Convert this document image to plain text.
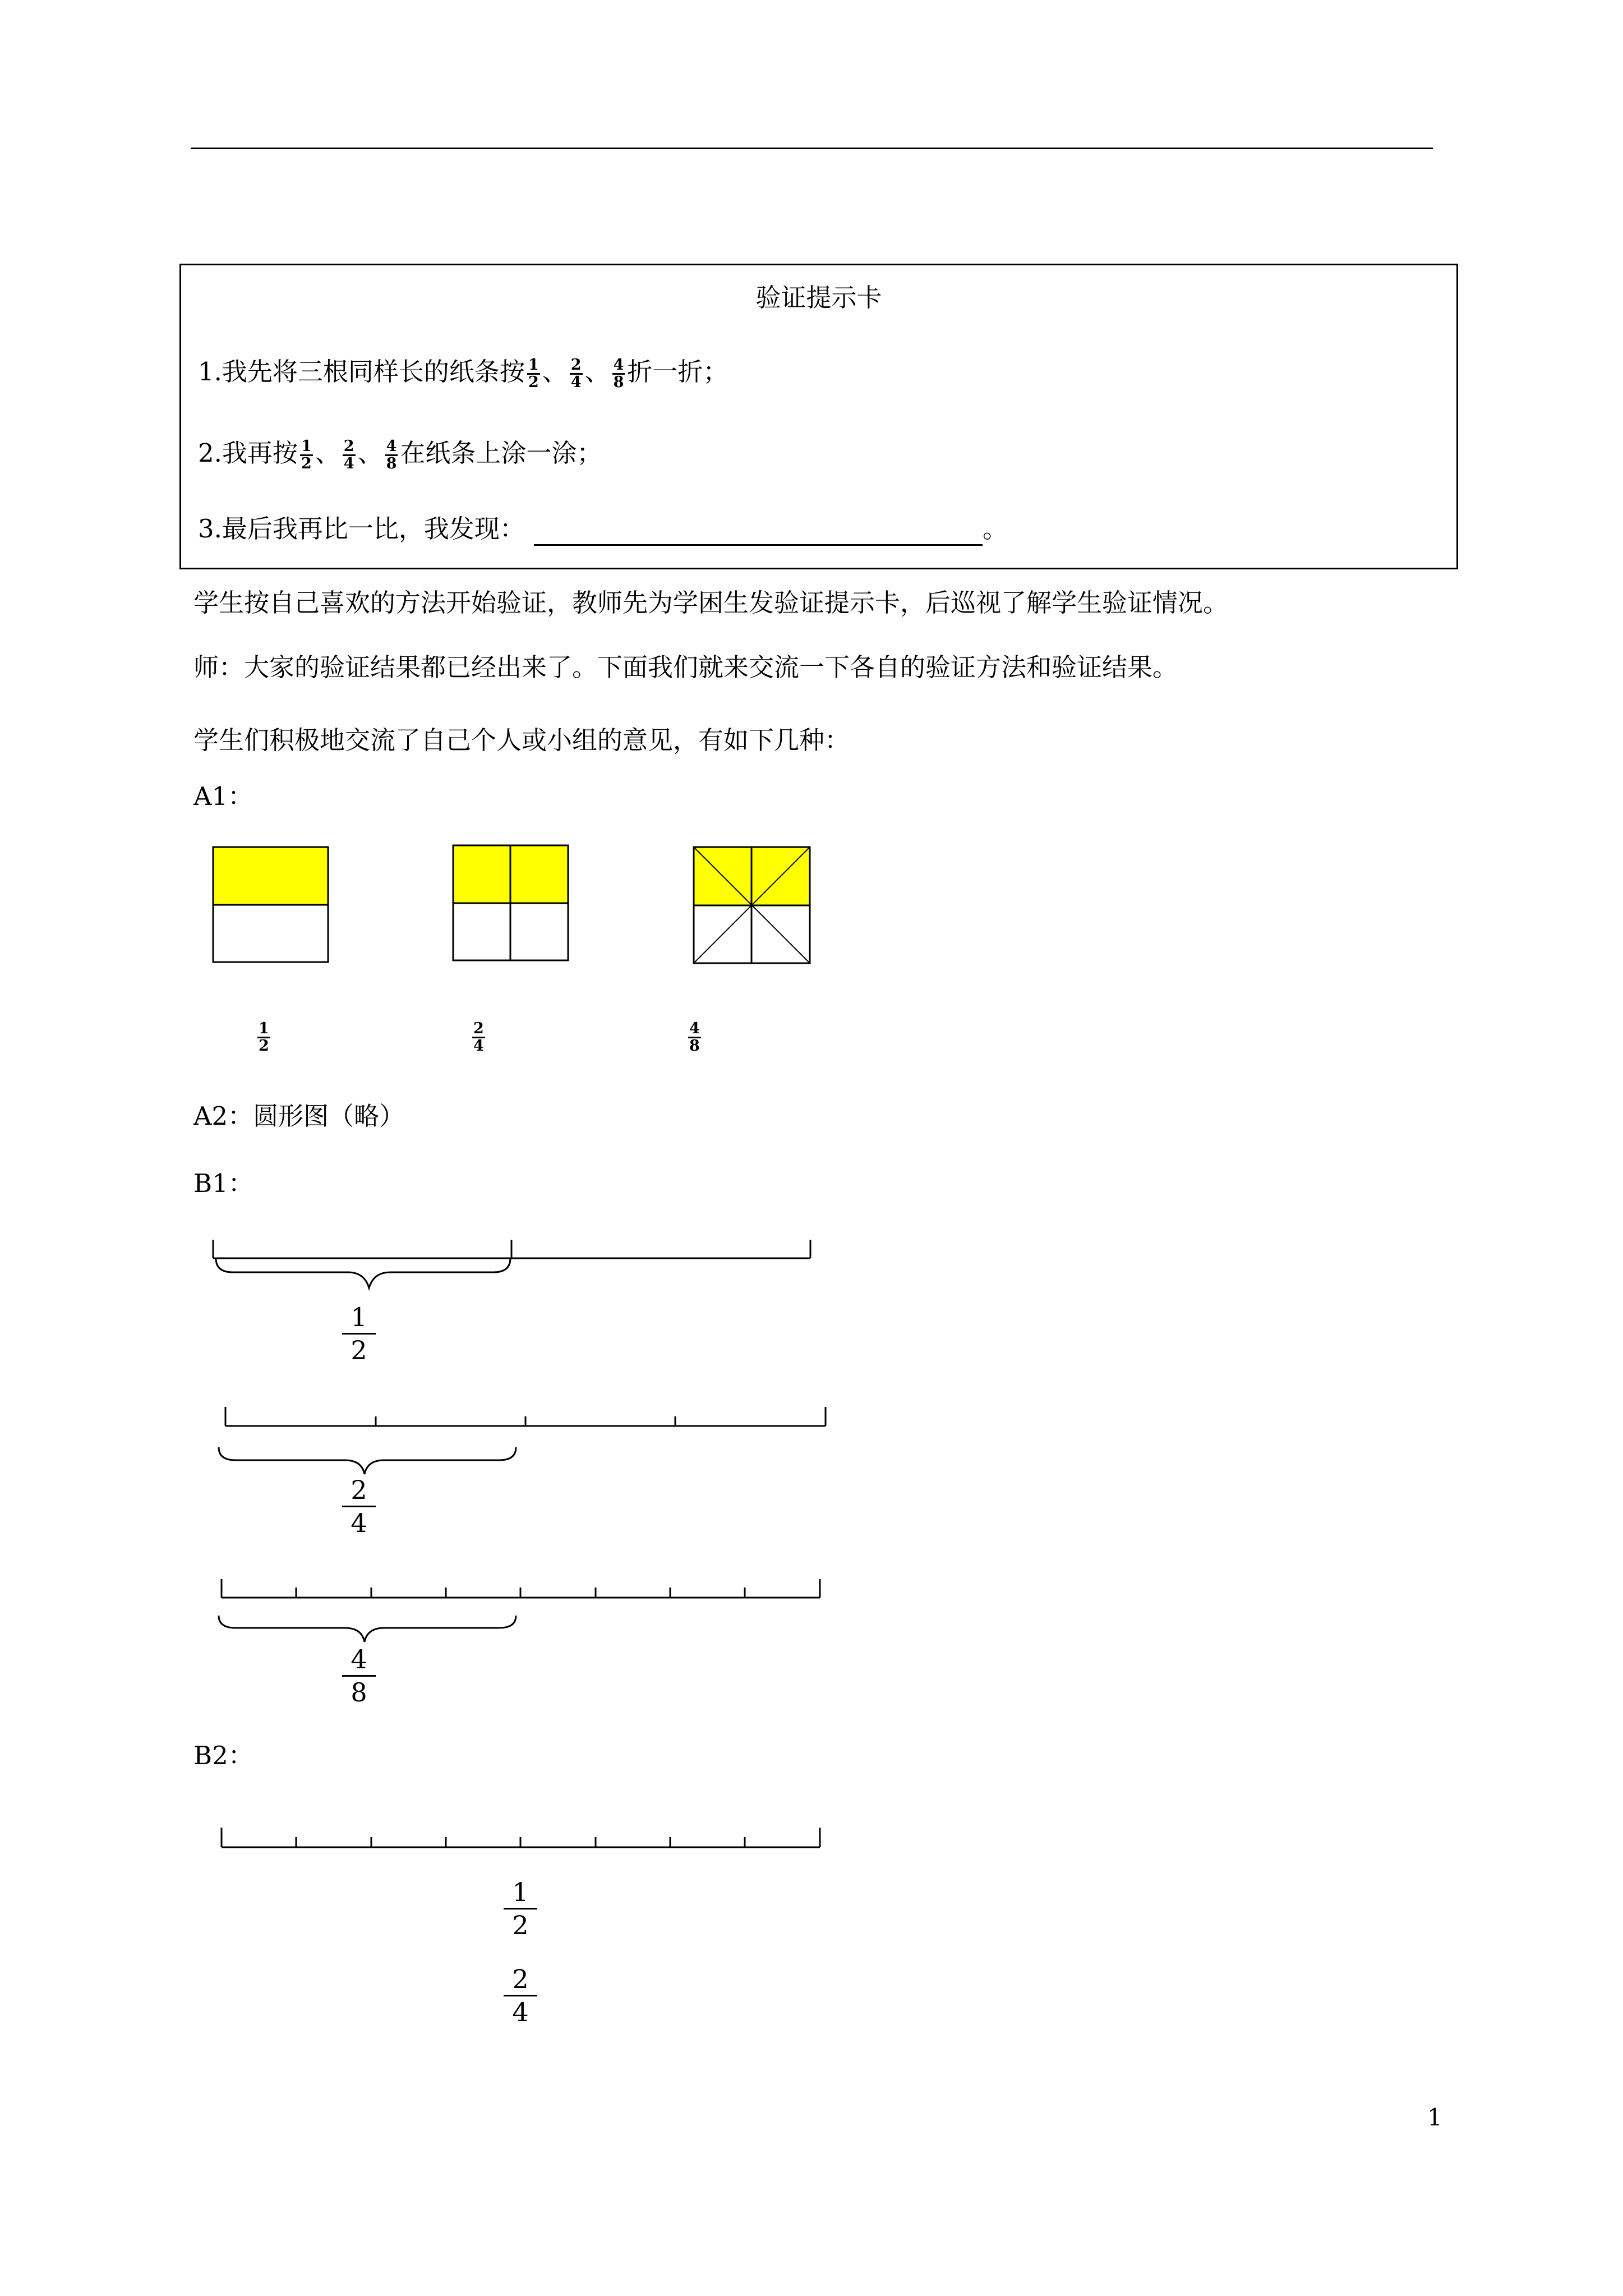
验证提示卡
1.我先将三根同样长的纸条按 $\frac{1}{2}$ 、 $\frac{2}{4}$ 、 $\frac{4}{8}$ 折一折；
2.我再按 $\frac{1}{2}$ 、 $\frac{2}{4}$ 、 $\frac{4}{8}$ 在纸条上涂一涂；
3.最后我再比一比，我发现：	。
学生按自己喜欢的方法开始验证，教师先为学困生发验证提示卡，后巡视了解学生验证情况。
师：大家的验证结果都已经出来了。下面我们就来交流一下各自的验证方法和验证结果。
学生们积极地交流了自己个人或小组的意见，有如下几种：
A1：
$\frac{1}{2}$	$\frac{2}{4}$	$\frac{4}{8}$
A2：圆形图（略）
B1：
1
2
2
4
4
8
B2：
1
2
2
4
1
